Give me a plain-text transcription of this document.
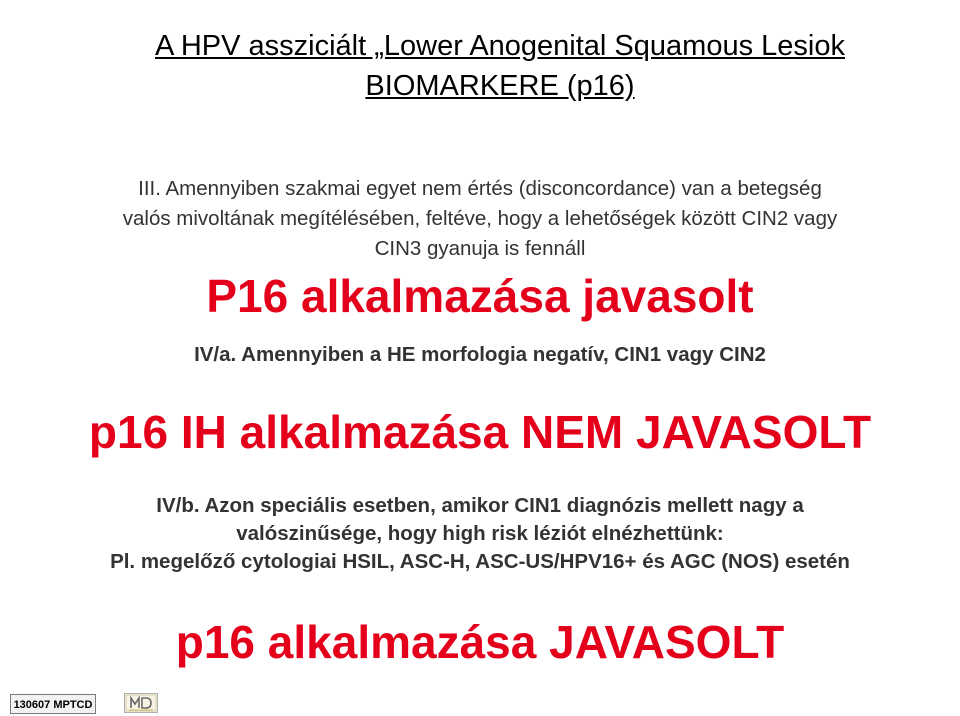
A HPV assziciált „Lower Anogenital Squamous Lesiok
BIOMARKERE (p16)
III. Amennyiben szakmai egyet nem értés (disconcordance) van a betegség
valós mivoltának megítélésében, feltéve, hogy a lehetőségek között CIN2 vagy
CIN3 gyanuja is fennáll
P16 alkalmazása javasolt
IV/a. Amennyiben a HE morfologia negatív, CIN1 vagy CIN2
p16 IH alkalmazása NEM JAVASOLT
IV/b. Azon speciális esetben, amikor CIN1 diagnózis mellett nagy a
valószinűsége, hogy high risk léziót elnézhettünk:
Pl. megelőző cytologiai HSIL, ASC-H, ASC-US/HPV16+ és AGC (NOS) esetén
p16 alkalmazása JAVASOLT
130607 MPTCD
